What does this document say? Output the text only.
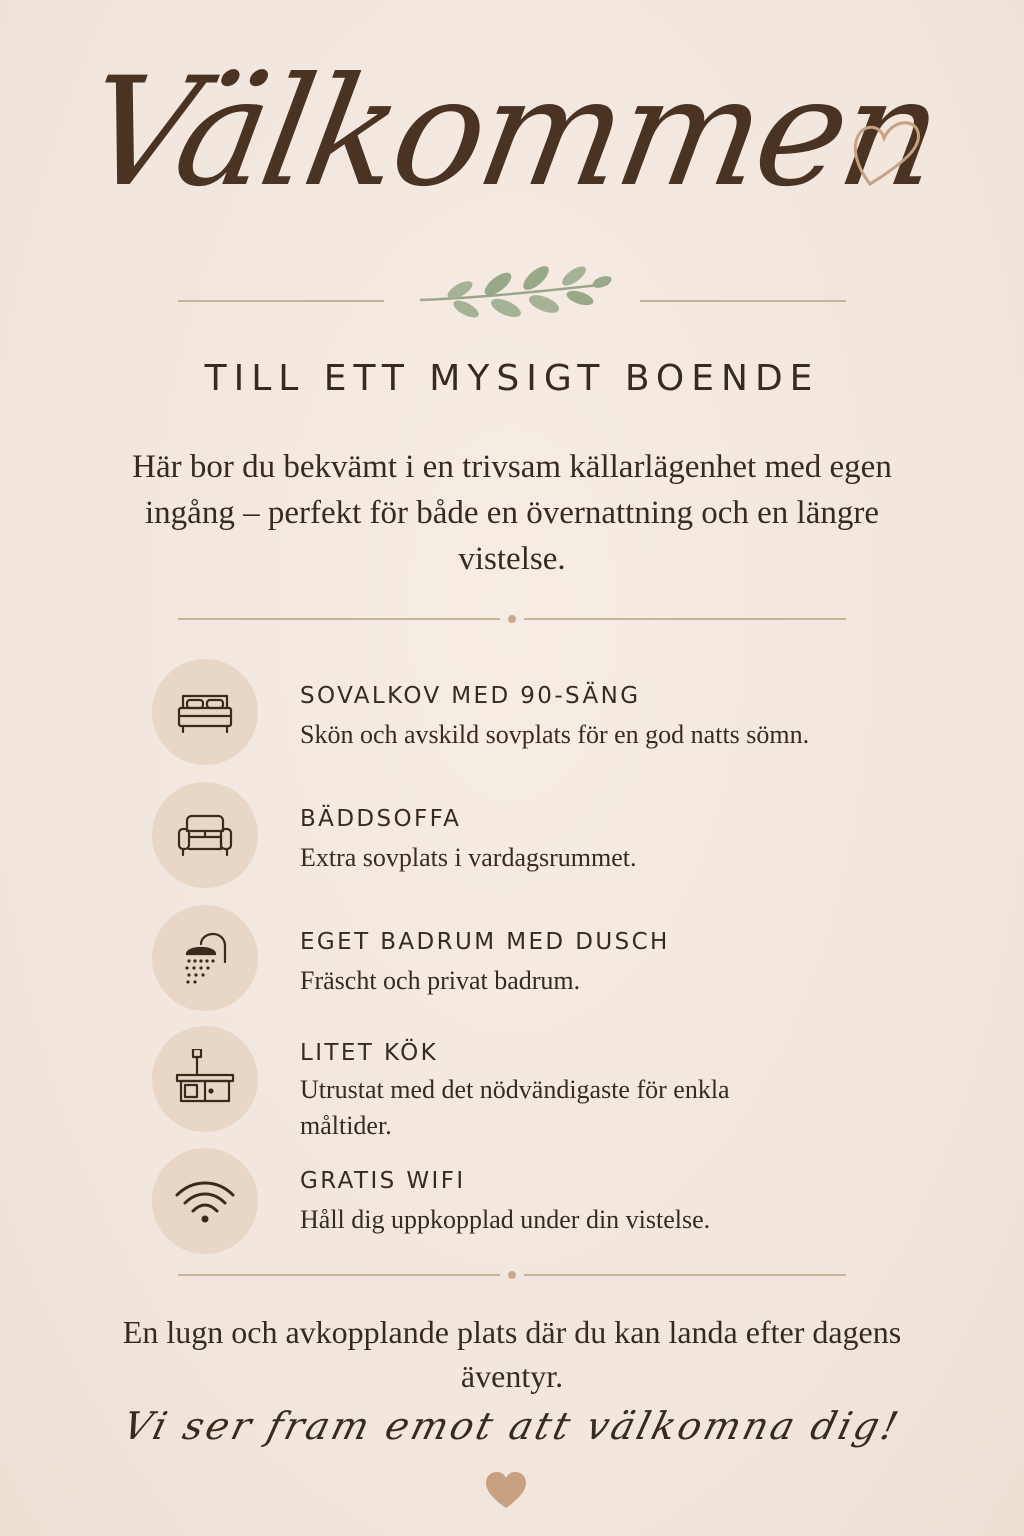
Välkommen
TILL ETT MYSIGT BOENDE
Här bor du bekvämt i en trivsam källarlägenhet med egen ingång – perfekt för både en övernattning och en längre vistelse.
SOVALKOV MED 90-SÄNG
Skön och avskild sovplats för en god natts sömn.
BÄDDSOFFA
Extra sovplats i vardagsrummet.
EGET BADRUM MED DUSCH
Fräscht och privat badrum.
LITET KÖK
Utrustat med det nödvändigaste för enkla måltider.
GRATIS WIFI
Håll dig uppkopplad under din vistelse.
En lugn och avkopplande plats där du kan landa efter dagens äventyr.
Vi ser fram emot att välkomna dig!
